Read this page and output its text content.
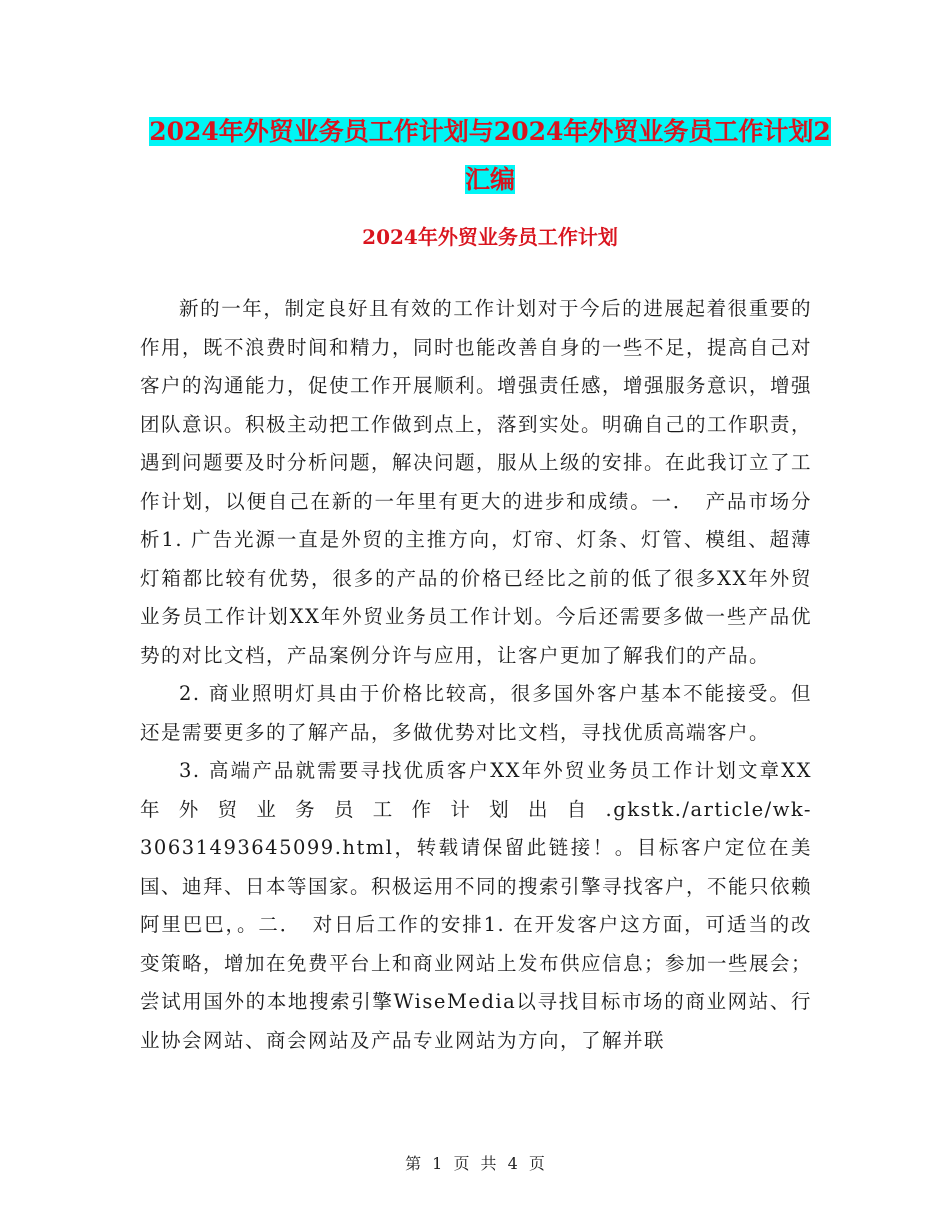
2024年外贸业务员工作计划与2024年外贸业务员工作计划2汇编
2024年外贸业务员工作计划

新的一年，制定良好且有效的工作计划对于今后的进展起着很重要的作用，既不浪费时间和精力，同时也能改善自身的一些不足，提高自己对客户的沟通能力，促使工作开展顺利。增强责任感，增强服务意识，增强团队意识。积极主动把工作做到点上，落到实处。明确自己的工作职责，遇到问题要及时分析问题，解决问题，服从上级的安排。在此我订立了工作计划，以便自己在新的一年里有更大的进步和成绩。一．　产品市场分析1. 广告光源一直是外贸的主推方向，灯帘、灯条、灯管、模组、超薄灯箱都比较有优势，很多的产品的价格已经比之前的低了很多XX年外贸业务员工作计划XX年外贸业务员工作计划。今后还需要多做一些产品优势的对比文档，产品案例分许与应用，让客户更加了解我们的产品。

2. 商业照明灯具由于价格比较高，很多国外客户基本不能接受。但还是需要更多的了解产品，多做优势对比文档，寻找优质高端客户。

3. 高端产品就需要寻找优质客户XX年外贸业务员工作计划文章XX年外贸业务员工作计划出自.gkstk./article/wk-30631493645099.html，转载请保留此链接！。目标客户定位在美国、迪拜、日本等国家。积极运用不同的搜索引擎寻找客户，不能只依赖阿里巴巴，。二．　对日后工作的安排1. 在开发客户这方面，可适当的改变策略，增加在免费平台上和商业网站上发布供应信息；参加一些展会；尝试用国外的本地搜索引擎WiseMedia以寻找目标市场的商业网站、行业协会网站、商会网站及产品专业网站为方向，了解并联

第 1 页 共 4 页
